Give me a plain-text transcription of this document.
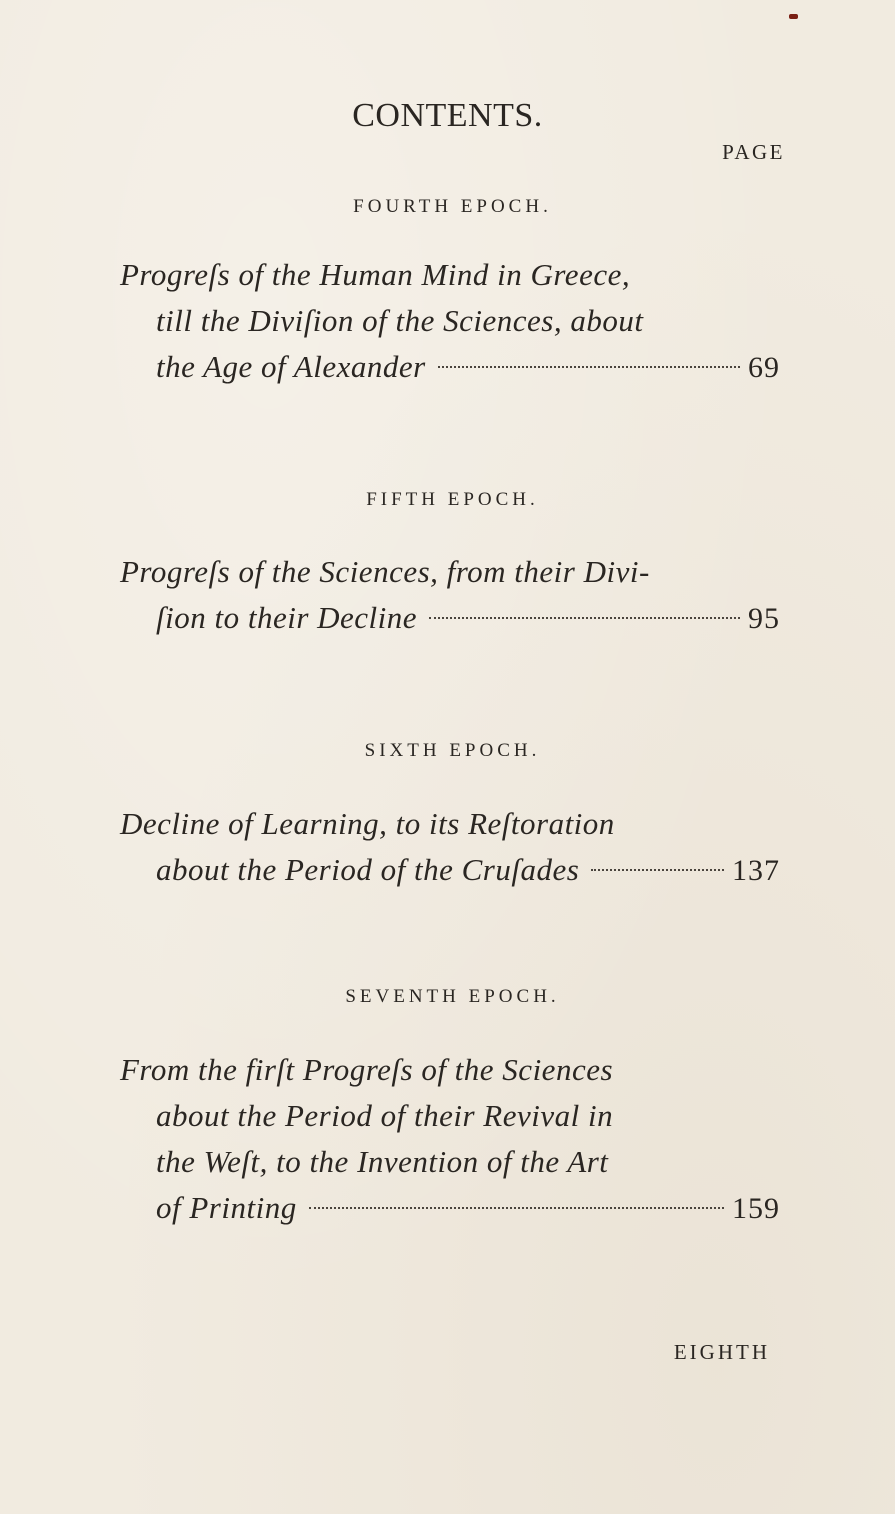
CONTENTS.
PAGE
FOURTH EPOCH.
Progreſs of the Human Mind in Greece,
till the Diviſion of the Sciences, about
the Age of Alexander	69
FIFTH EPOCH.
Progreſs of the Sciences, from their Divi-
ſion to their Decline	95
SIXTH EPOCH.
Decline of Learning, to its Reſtoration
about the Period of the Cruſades	137
SEVENTH EPOCH.
From the firſt Progreſs of the Sciences
about the Period of their Revival in
the Weſt, to the Invention of the Art
of Printing	159
EIGHTH
